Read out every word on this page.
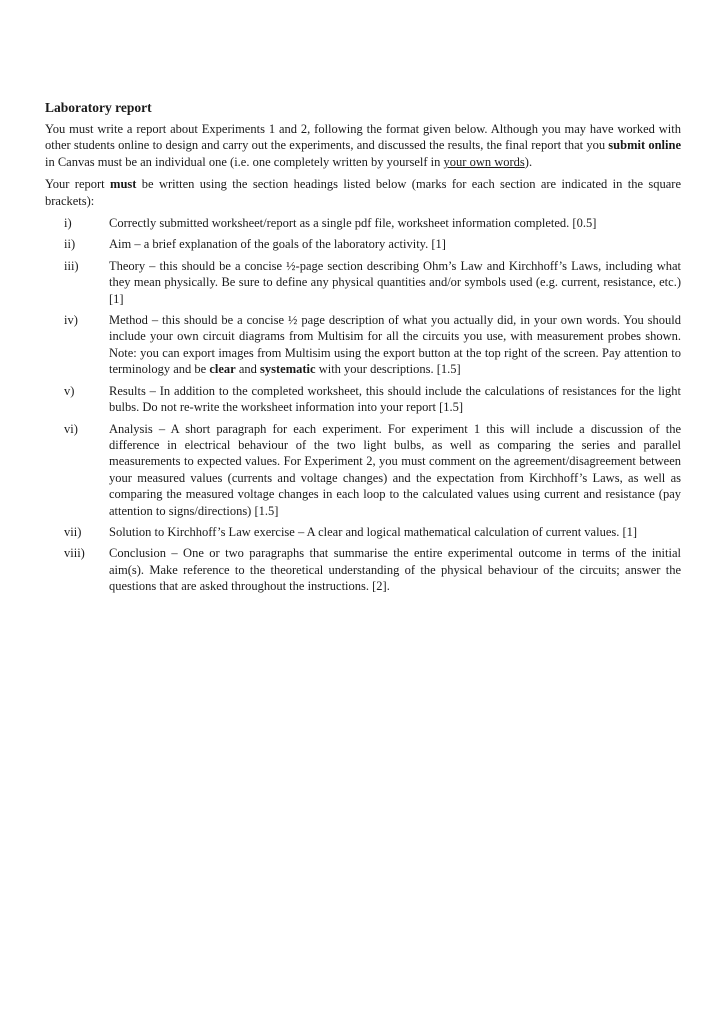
Laboratory report

You must write a report about Experiments 1 and 2, following the format given below. Although you may have worked with other students online to design and carry out the experiments, and discussed the results, the final report that you submit online in Canvas must be an individual one (i.e. one completely written by yourself in your own words).

Your report must be written using the section headings listed below (marks for each section are indicated in the square brackets):

i)	Correctly submitted worksheet/report as a single pdf file, worksheet information completed. [0.5]
ii)	Aim – a brief explanation of the goals of the laboratory activity. [1]
iii)	Theory – this should be a concise ½-page section describing Ohm’s Law and Kirchhoff’s Laws, including what they mean physically. Be sure to define any physical quantities and/or symbols used (e.g. current, resistance, etc.) [1]
iv)	Method – this should be a concise ½ page description of what you actually did, in your own words. You should include your own circuit diagrams from Multisim for all the circuits you use, with measurement probes shown. Note: you can export images from Multisim using the export button at the top right of the screen. Pay attention to terminology and be clear and systematic with your descriptions. [1.5]
v)	Results – In addition to the completed worksheet, this should include the calculations of resistances for the light bulbs. Do not re-write the worksheet information into your report [1.5]
vi)	Analysis – A short paragraph for each experiment. For experiment 1 this will include a discussion of the difference in electrical behaviour of the two light bulbs, as well as comparing the series and parallel measurements to expected values. For Experiment 2, you must comment on the agreement/disagreement between your measured values (currents and voltage changes) and the expectation from Kirchhoff’s Laws, as well as comparing the measured voltage changes in each loop to the calculated values using current and resistance (pay attention to signs/directions) [1.5]
vii)	Solution to Kirchhoff’s Law exercise – A clear and logical mathematical calculation of current values. [1]
viii)	Conclusion – One or two paragraphs that summarise the entire experimental outcome in terms of the initial aim(s). Make reference to the theoretical understanding of the physical behaviour of the circuits; answer the questions that are asked throughout the instructions. [2].
